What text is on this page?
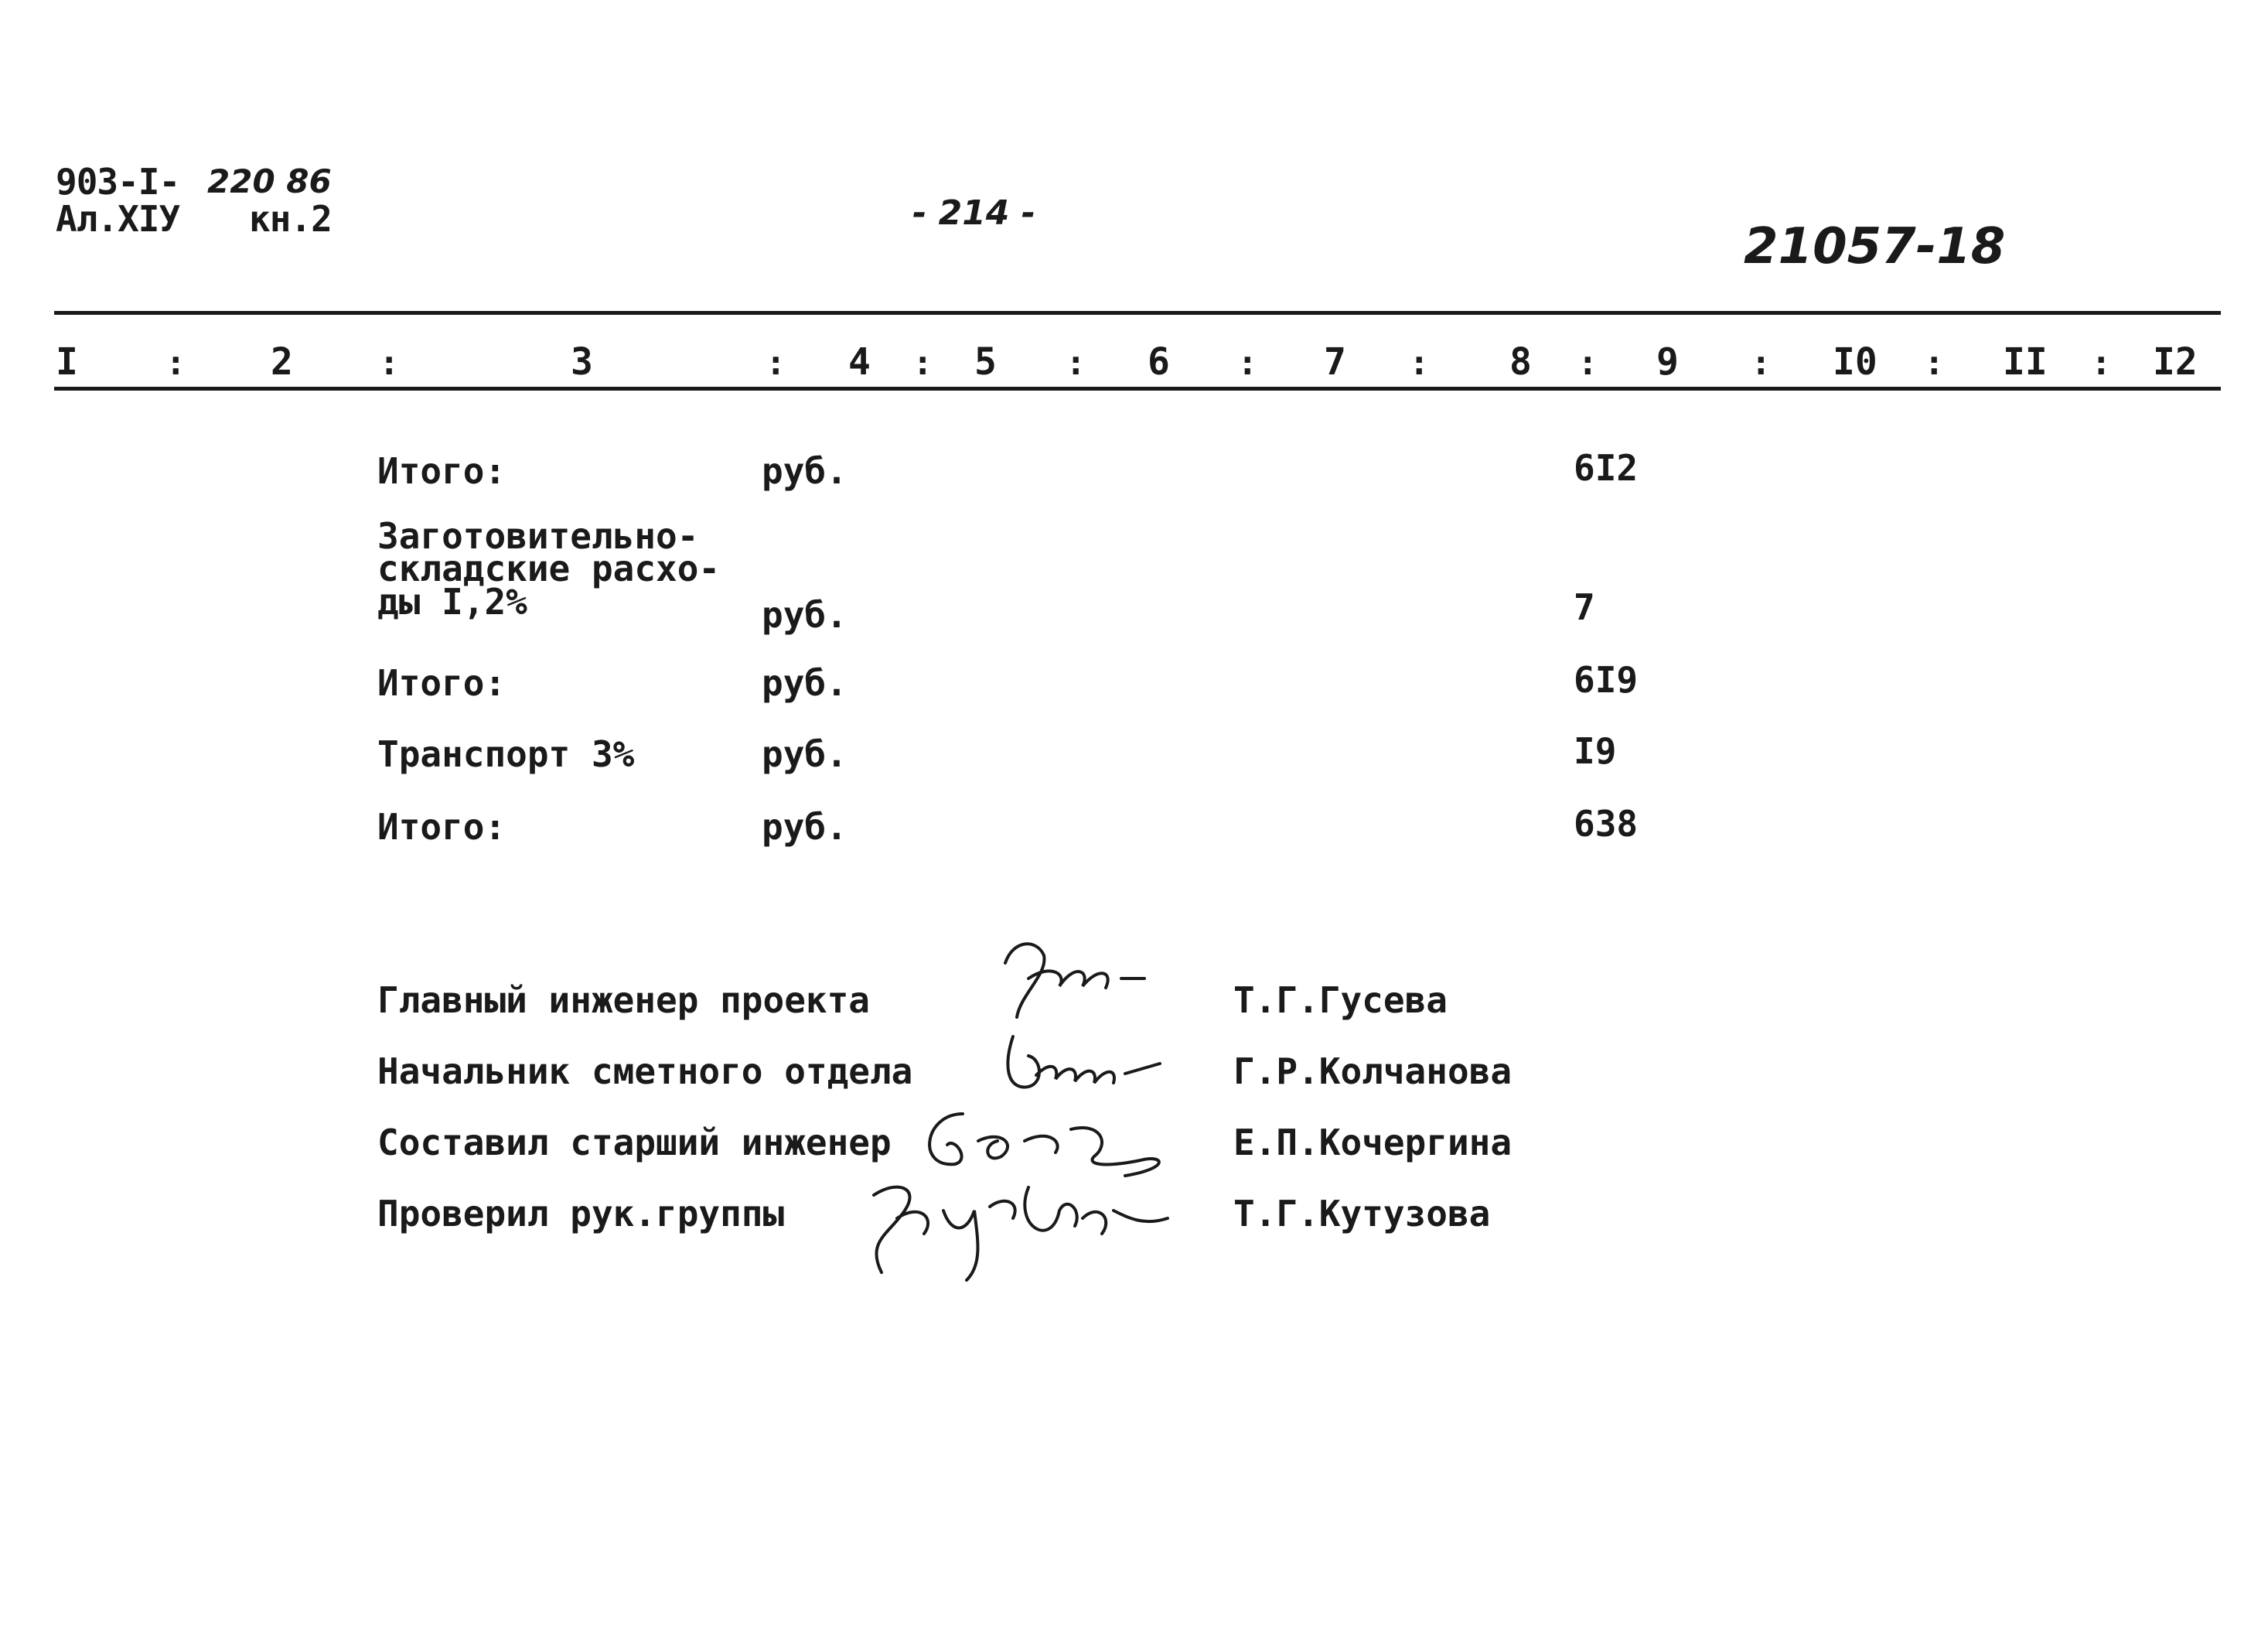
903-I- 220 86
Ал.XIУ кн.2	- 214 -
21057-18
I	: 2	:	3	: 4 : 5 : 6 : 7 : 8 : 9 : I0 : II : I2
Итого:	руб.	6I2
Заготовительно-
складские расхо-
ды I,2%	руб.	7
Итого:	руб.	6I9
Транспорт 3%	руб.	I9
Итого:	руб.	638
Главный инженер проекта	Т.Г.Гусева
Начальник сметного отдела	Г.Р.Колчанова
Составил старший инженер	Е.П.Кочергина
Проверил рук.группы	Т.Г.Кутузова
